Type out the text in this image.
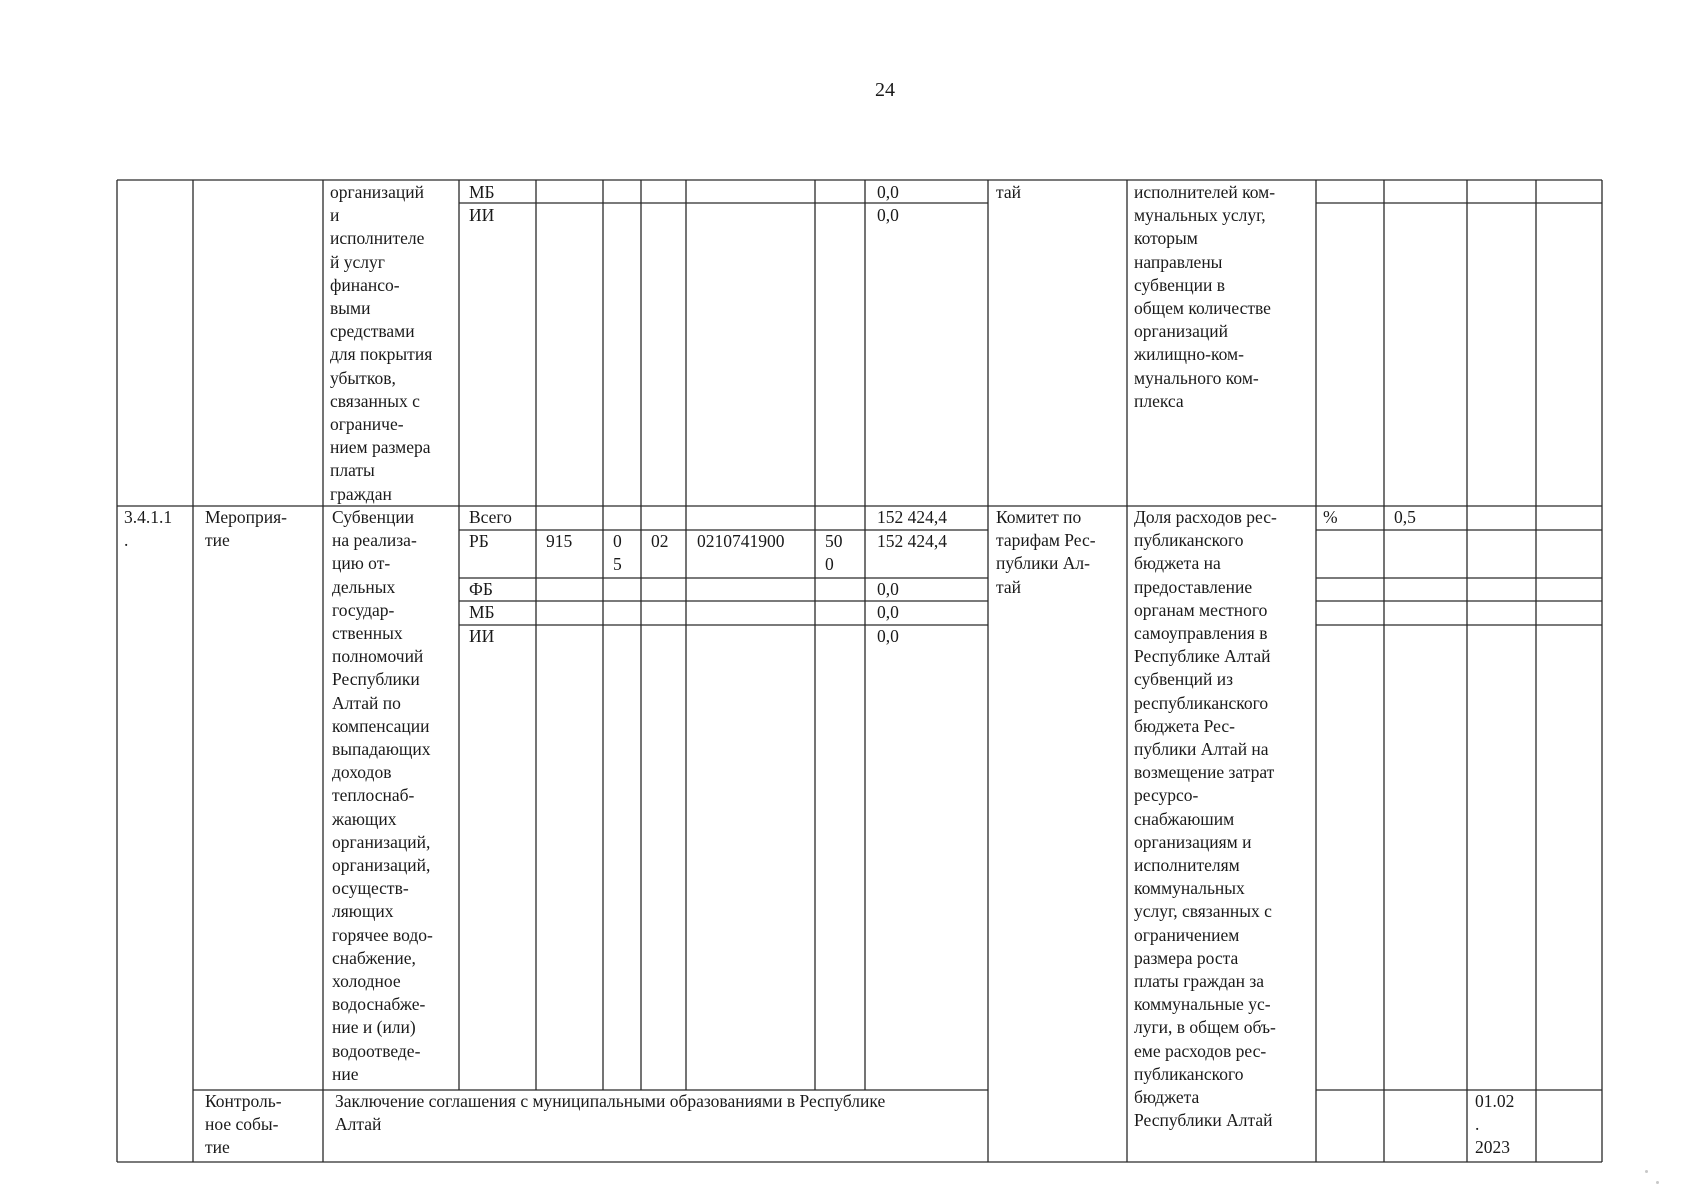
24
организаций
и
исполнителе
й услуг
финансо-
выми
средствами
для покрытия
убытков,
связанных с
ограниче-
нием размера
платы
граждан
МБ
ИИ
0,0
0,0
тай	исполнителей ком-
мунальных услуг,
которым
направлены
субвенции в
общем количестве
организаций
жилищно-ком-
мунального ком-
плекса
3.4.1.1
.
Мероприя-
тие
Субвенции
на реализа-
цию от-
дельных
государ-
ственных
полномочий
Республики
Алтай по
компенсации
выпадающих
доходов
теплоснаб-
жающих
организаций,
организаций,
осуществ-
ляющих
горячее водо-
снабжение,
холодное
водоснабже-
ние и (или)
водоотведе-
ние
Всего
РБ
ФБ
МБ
ИИ
915 0
5
02 0210741900 50
0
152 424,4
152 424,4
0,0
0,0
0,0
Комитет по
тарифам Рес-
публики Ал-
тай
Доля расходов рес-
публиканского
бюджета на
предоставление
органам местного
самоуправления в
Республике Алтай
субвенций из
республиканского
бюджета Рес-
публики Алтай на
возмещение затрат
ресурсо-
снабжаюшим
организациям и
исполнителям
коммунальных
услуг, связанных с
ограничением
размера роста
платы граждан за
коммунальные ус-
луги, в общем объ-
еме расходов рес-
публиканского
бюджета
Республики Алтай
%	0,5
Контроль-
ное собы-
тие
Заключение соглашения с муниципальными образованиями в Республике
Алтай
01.02
.
2023
